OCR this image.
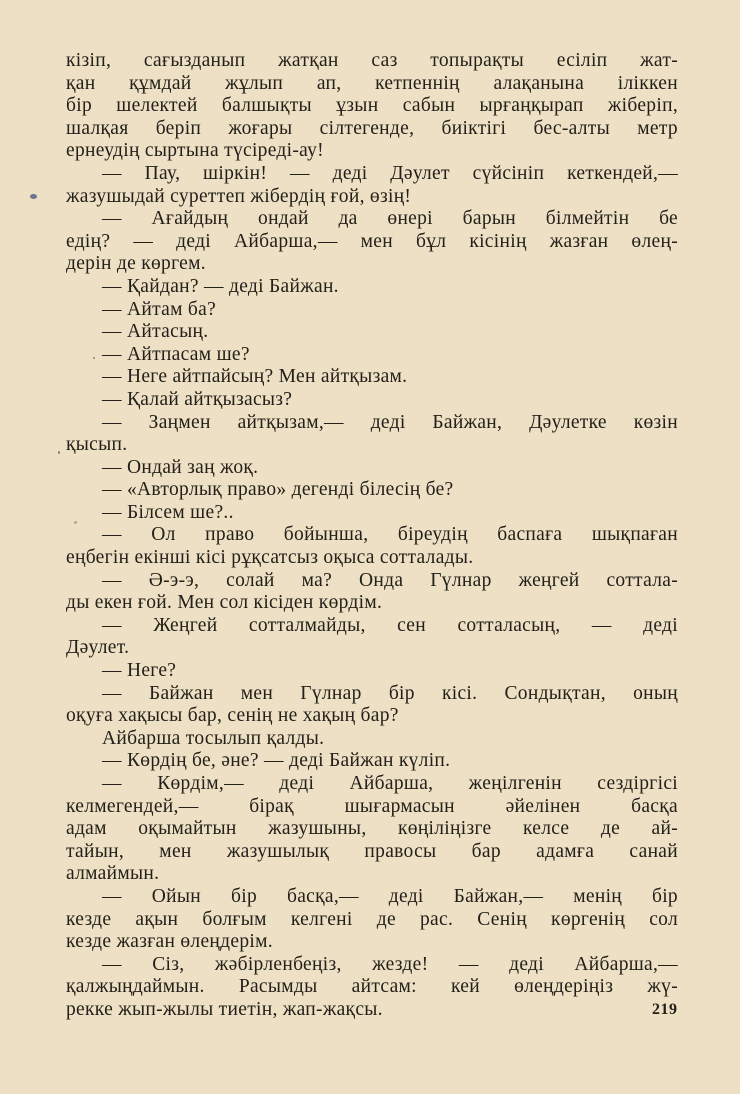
кізіп, сағызданып жатқан саз топырақты есіліп жат-
қан құмдай жұлып ап, кетпеннің алақанына іліккен
бір шелектей балшықты ұзын сабын ырғаңқырап жіберіп,
шалқая беріп жоғары сілтегенде, биіктігі бес-алты метр
ернеудің сыртына түсіреді-ау!
— Пау, шіркін! — деді Дәулет сүйсініп кеткендей,—
жазушыдай суреттеп жібердің ғой, өзің!
— Ағайдың ондай да өнері барын білмейтін бе
едің? — деді Айбарша,— мен бұл кісінің жазған өлең-
дерін де көргем.
— Қайдан? — деді Байжан.
— Айтам ба?
— Айтасың.
— Айтпасам ше?
— Неге айтпайсың? Мен айтқызам.
— Қалай айтқызасыз?
— Заңмен айтқызам,— деді Байжан, Дәулетке көзін
қысып.
— Ондай заң жоқ.
— «Авторлық право» дегенді білесің бе?
— Білсем ше?..
— Ол право бойынша, біреудің баспаға шықпаған
еңбегін екінші кісі рұқсатсыз оқыса сотталады.
— Ә-э-э, солай ма? Онда Гүлнар жеңгей соттала-
ды екен ғой. Мен сол кісіден көрдім.
— Жеңгей сотталмайды, сен сотталасың, — деді
Дәулет.
— Неге?
— Байжан мен Гүлнар бір кісі. Сондықтан, оның
оқуға хақысы бар, сенің не хақың бар?
Айбарша тосылып қалды.
— Көрдің бе, әне? — деді Байжан күліп.
— Көрдім,— деді Айбарша, жеңілгенін сездіргісі
келмегендей,— бірақ шығармасын әйелінен басқа
адам оқымайтын жазушыны, көңіліңізге келсе де ай-
тайын, мен жазушылық правосы бар адамға санай
алмаймын.
— Ойын бір басқа,— деді Байжан,— менің бір
кезде ақын болғым келгені де рас. Сенің көргенің сол
кезде жазған өлеңдерім.
— Сіз, жәбірленбеңіз, жезде! — деді Айбарша,—
қалжыңдаймын. Расымды айтсам: кей өлеңдеріңіз жү-
рекке жып-жылы тиетін, жап-жақсы.	219
